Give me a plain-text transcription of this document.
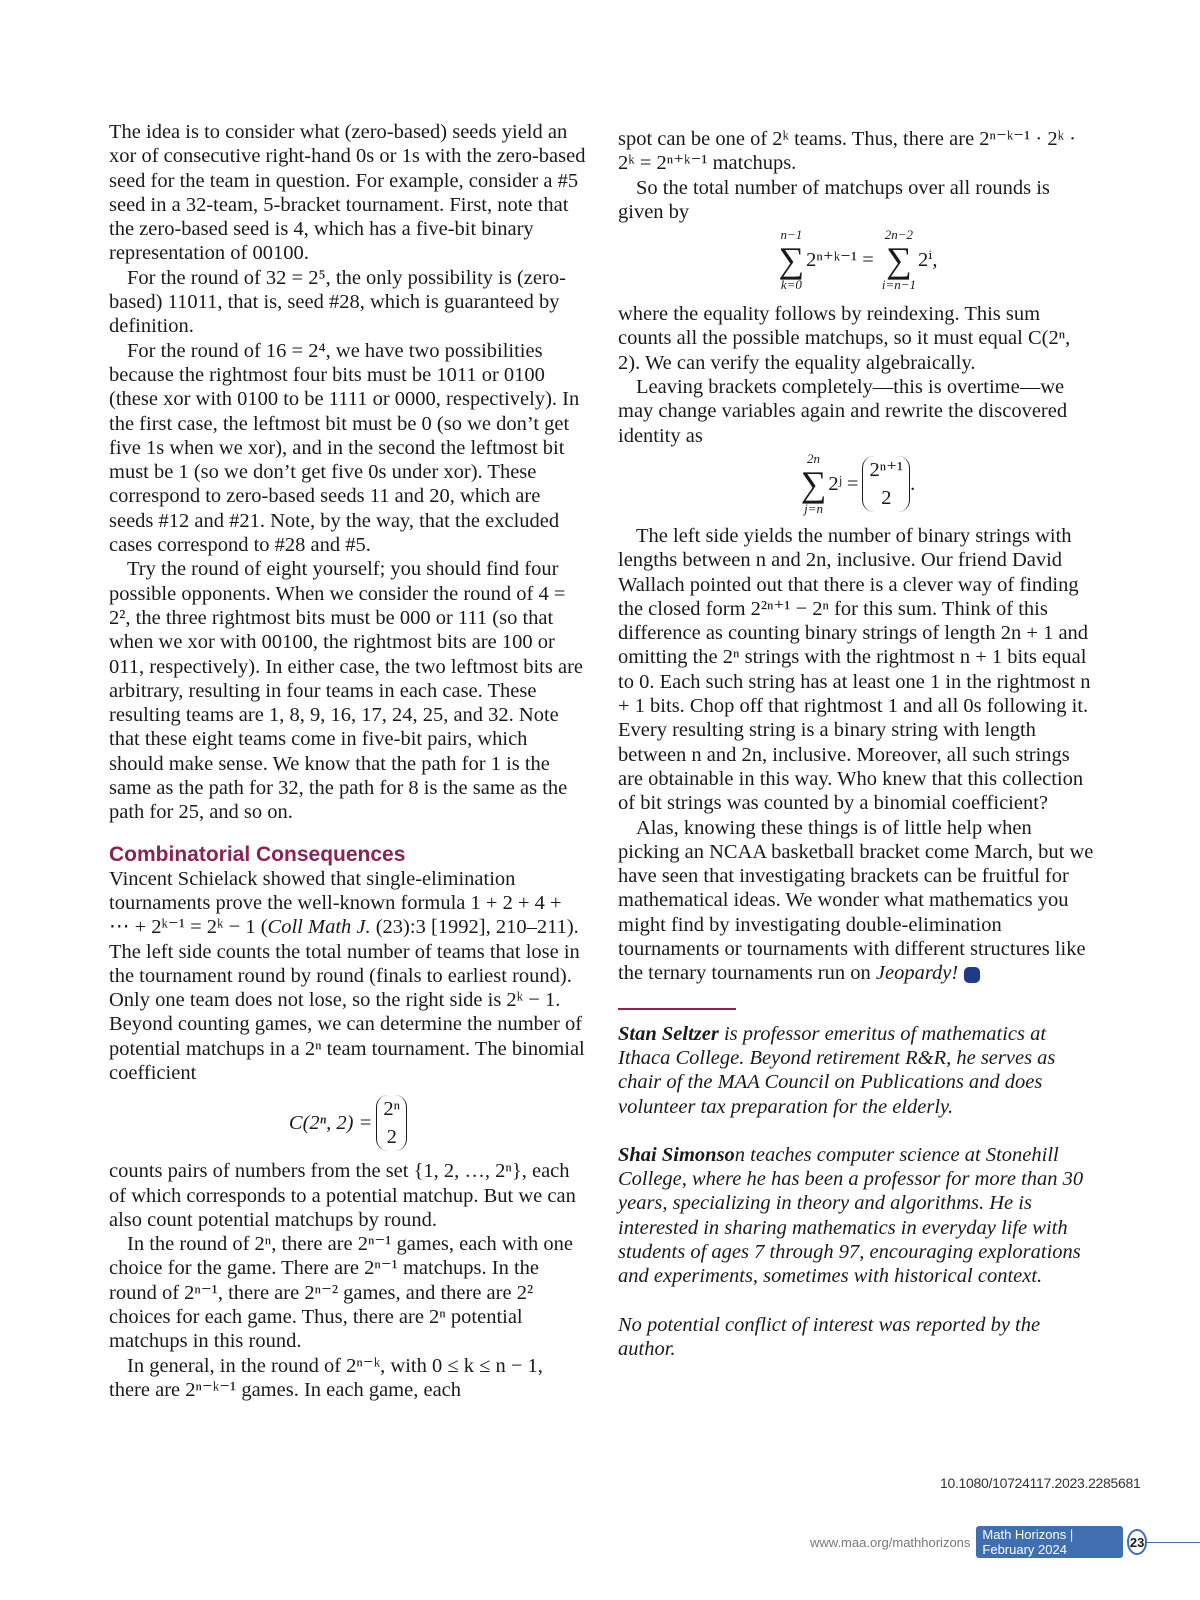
The idea is to consider what (zero-based) seeds yield an xor of consecutive right-hand 0s or 1s with the zero-based seed for the team in question. For example, consider a #5 seed in a 32-team, 5-bracket tournament. First, note that the zero-based seed is 4, which has a five-bit binary representation of 00100.

For the round of 32 = 2⁵, the only possibility is (zero-based) 11011, that is, seed #28, which is guaranteed by definition.

For the round of 16 = 2⁴, we have two possibilities because the rightmost four bits must be 1011 or 0100 (these xor with 0100 to be 1111 or 0000, respectively). In the first case, the leftmost bit must be 0 (so we don’t get five 1s when we xor), and in the second the leftmost bit must be 1 (so we don’t get five 0s under xor). These correspond to zero-based seeds 11 and 20, which are seeds #12 and #21. Note, by the way, that the excluded cases correspond to #28 and #5.

Try the round of eight yourself; you should find four possible opponents. When we consider the round of 4 = 2², the three rightmost bits must be 000 or 111 (so that when we xor with 00100, the rightmost bits are 100 or 011, respectively). In either case, the two leftmost bits are arbitrary, resulting in four teams in each case. These resulting teams are 1, 8, 9, 16, 17, 24, 25, and 32. Note that these eight teams come in five-bit pairs, which should make sense. We know that the path for 1 is the same as the path for 32, the path for 8 is the same as the path for 25, and so on.

Combinatorial Consequences

Vincent Schielack showed that single-elimination tournaments prove the well-known formula 1 + 2 + 4 + ⋯ + 2ᵏ⁻¹ = 2ᵏ − 1 (Coll Math J. (23):3 [1992], 210–211). The left side counts the total number of teams that lose in the tournament round by round (finals to earliest round). Only one team does not lose, so the right side is 2ᵏ − 1.

Beyond counting games, we can determine the number of potential matchups in a 2ⁿ team tournament. The binomial coefficient

C(2ⁿ, 2) =
2ⁿ
2

counts pairs of numbers from the set {1, 2, …, 2ⁿ}, each of which corresponds to a potential matchup. But we can also count potential matchups by round.

In the round of 2ⁿ, there are 2ⁿ⁻¹ games, each with one choice for the game. There are 2ⁿ⁻¹ matchups. In the round of 2ⁿ⁻¹, there are 2ⁿ⁻² games, and there are 2² choices for each game. Thus, there are 2ⁿ potential matchups in this round.

In general, in the round of 2ⁿ⁻ᵏ, with 0 ≤ k ≤ n − 1, there are 2ⁿ⁻ᵏ⁻¹ games. In each game, each

spot can be one of 2ᵏ teams. Thus, there are 2ⁿ⁻ᵏ⁻¹ · 2ᵏ · 2ᵏ = 2ⁿ⁺ᵏ⁻¹ matchups.

So the total number of matchups over all rounds is given by

n−1
∑
k=0
2ⁿ⁺ᵏ⁻¹ =
2n−2
∑
i=n−1
2ⁱ,

where the equality follows by reindexing. This sum counts all the possible matchups, so it must equal C(2ⁿ, 2). We can verify the equality algebraically.

Leaving brackets completely—this is overtime—we may change variables again and rewrite the discovered identity as

2n
∑
j=n
2ʲ =
2ⁿ⁺¹
2
.

The left side yields the number of binary strings with lengths between n and 2n, inclusive. Our friend David Wallach pointed out that there is a clever way of finding the closed form 2²ⁿ⁺¹ − 2ⁿ for this sum. Think of this difference as counting binary strings of length 2n + 1 and omitting the 2ⁿ strings with the rightmost n + 1 bits equal to 0. Each such string has at least one 1 in the rightmost n + 1 bits. Chop off that rightmost 1 and all 0s following it. Every resulting string is a binary string with length between n and 2n, inclusive. Moreover, all such strings are obtainable in this way. Who knew that this collection of bit strings was counted by a binomial coefficient?

Alas, knowing these things is of little help when picking an NCAA basketball bracket come March, but we have seen that investigating brackets can be fruitful for mathematical ideas. We wonder what mathematics you might find by investigating double-elimination tournaments or tournaments with different structures like the ternary tournaments run on Jeopardy!

Stan Seltzer is professor emeritus of mathematics at Ithaca College. Beyond retirement R&R, he serves as chair of the MAA Council on Publications and does volunteer tax preparation for the elderly.

Shai Simonson teaches computer science at Stonehill College, where he has been a professor for more than 30 years, specializing in theory and algorithms. He is interested in sharing mathematics in everyday life with students of ages 7 through 97, encouraging explorations and experiments, sometimes with historical context.

No potential conflict of interest was reported by the author.

10.1080/10724117.2023.2285681
www.maa.org/mathhorizons Math Horizons | February 2024	23
